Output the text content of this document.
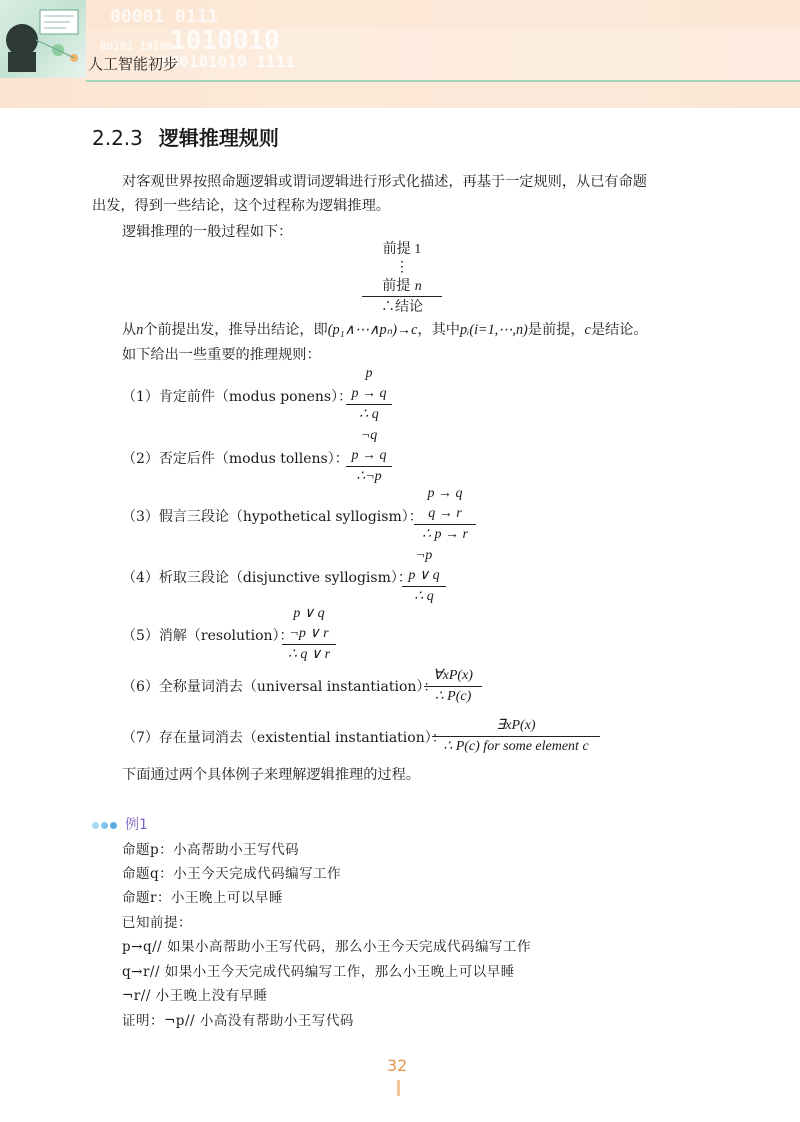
00001 0111
00101 10100
1010010
000101010 1111
人工智能初步
2.2.3 逻辑推理规则
对客观世界按照命题逻辑或谓词逻辑进行形式化描述，再基于一定规则，从已有命题
出发，得到一些结论，这个过程称为逻辑推理。
逻辑推理的一般过程如下：
前提 1
⋮
前提 n
∴结论
从n个前提出发，推导出结论，即(p₁∧⋯∧pₙ)→c，其中pᵢ(i=1,⋯,n)是前提，c是结论。
如下给出一些重要的推理规则：
（1）肯定前件（modus ponens）：
p
p → q
∴ q
（2）否定后件（modus tollens）：
¬q
p → q
∴¬p
（3）假言三段论（hypothetical syllogism）：
p → q
q → r
∴ p → r
（4）析取三段论（disjunctive syllogism）：
¬p
p ∨ q
∴ q
（5）消解（resolution）：
p ∨ q
¬p ∨ r
∴ q ∨ r
（6）全称量词消去（universal instantiation）：
$\frac{\forall xP(x)}{\therefore P(c)}$
（7）存在量词消去（existential instantiation）：
∃xP(x)
∴ P(c) for some element c
下面通过两个具体例子来理解逻辑推理的过程。
例1
命题p：小高帮助小王写代码
命题q：小王今天完成代码编写工作
命题r：小王晚上可以早睡
已知前提：
p→q// 如果小高帮助小王写代码，那么小王今天完成代码编写工作
q→r// 如果小王今天完成代码编写工作，那么小王晚上可以早睡
¬r// 小王晚上没有早睡
证明：¬p// 小高没有帮助小王写代码
32
